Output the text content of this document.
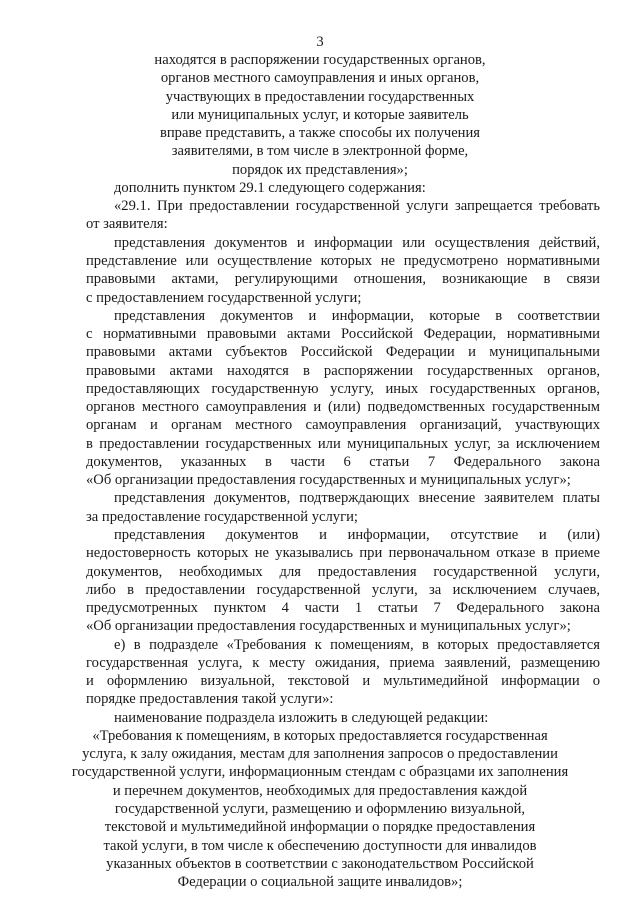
3
находятся в распоряжении государственных органов,
органов местного самоуправления и иных органов,
участвующих в предоставлении государственных
или муниципальных услуг, и которые заявитель
вправе представить, а также способы их получения
заявителями, в том числе в электронной форме,
порядок их представления»;
дополнить пунктом 29.1 следующего содержания:
«29.1. При предоставлении государственной услуги запрещается требовать
от заявителя:
представления документов и информации или осуществления действий,
представление или осуществление которых не предусмотрено нормативными
правовыми актами, регулирующими отношения, возникающие в связи
с предоставлением государственной услуги;
представления документов и информации, которые в соответствии
с нормативными правовыми актами Российской Федерации, нормативными
правовыми актами субъектов Российской Федерации и муниципальными
правовыми актами находятся в распоряжении государственных органов,
предоставляющих государственную услугу, иных государственных органов,
органов местного самоуправления и (или) подведомственных государственным
органам и органам местного самоуправления организаций, участвующих
в предоставлении государственных или муниципальных услуг, за исключением
документов, указанных в части 6 статьи 7 Федерального закона
«Об организации предоставления государственных и муниципальных услуг»;
представления документов, подтверждающих внесение заявителем платы
за предоставление государственной услуги;
представления документов и информации, отсутствие и (или)
недостоверность которых не указывались при первоначальном отказе в приеме
документов, необходимых для предоставления государственной услуги,
либо в предоставлении государственной услуги, за исключением случаев,
предусмотренных пунктом 4 части 1 статьи 7 Федерального закона
«Об организации предоставления государственных и муниципальных услуг»;
е) в подразделе «Требования к помещениям, в которых предоставляется
государственная услуга, к месту ожидания, приема заявлений, размещению
и оформлению визуальной, текстовой и мультимедийной информации о
порядке предоставления такой услуги»:
наименование подраздела изложить в следующей редакции:
«Требования к помещениям, в которых предоставляется государственная
услуга, к залу ожидания, местам для заполнения запросов о предоставлении
государственной услуги, информационным стендам с образцами их заполнения
и перечнем документов, необходимых для предоставления каждой
государственной услуги, размещению и оформлению визуальной,
текстовой и мультимедийной информации о порядке предоставления
такой услуги, в том числе к обеспечению доступности для инвалидов
указанных объектов в соответствии с законодательством Российской
Федерации о социальной защите инвалидов»;
